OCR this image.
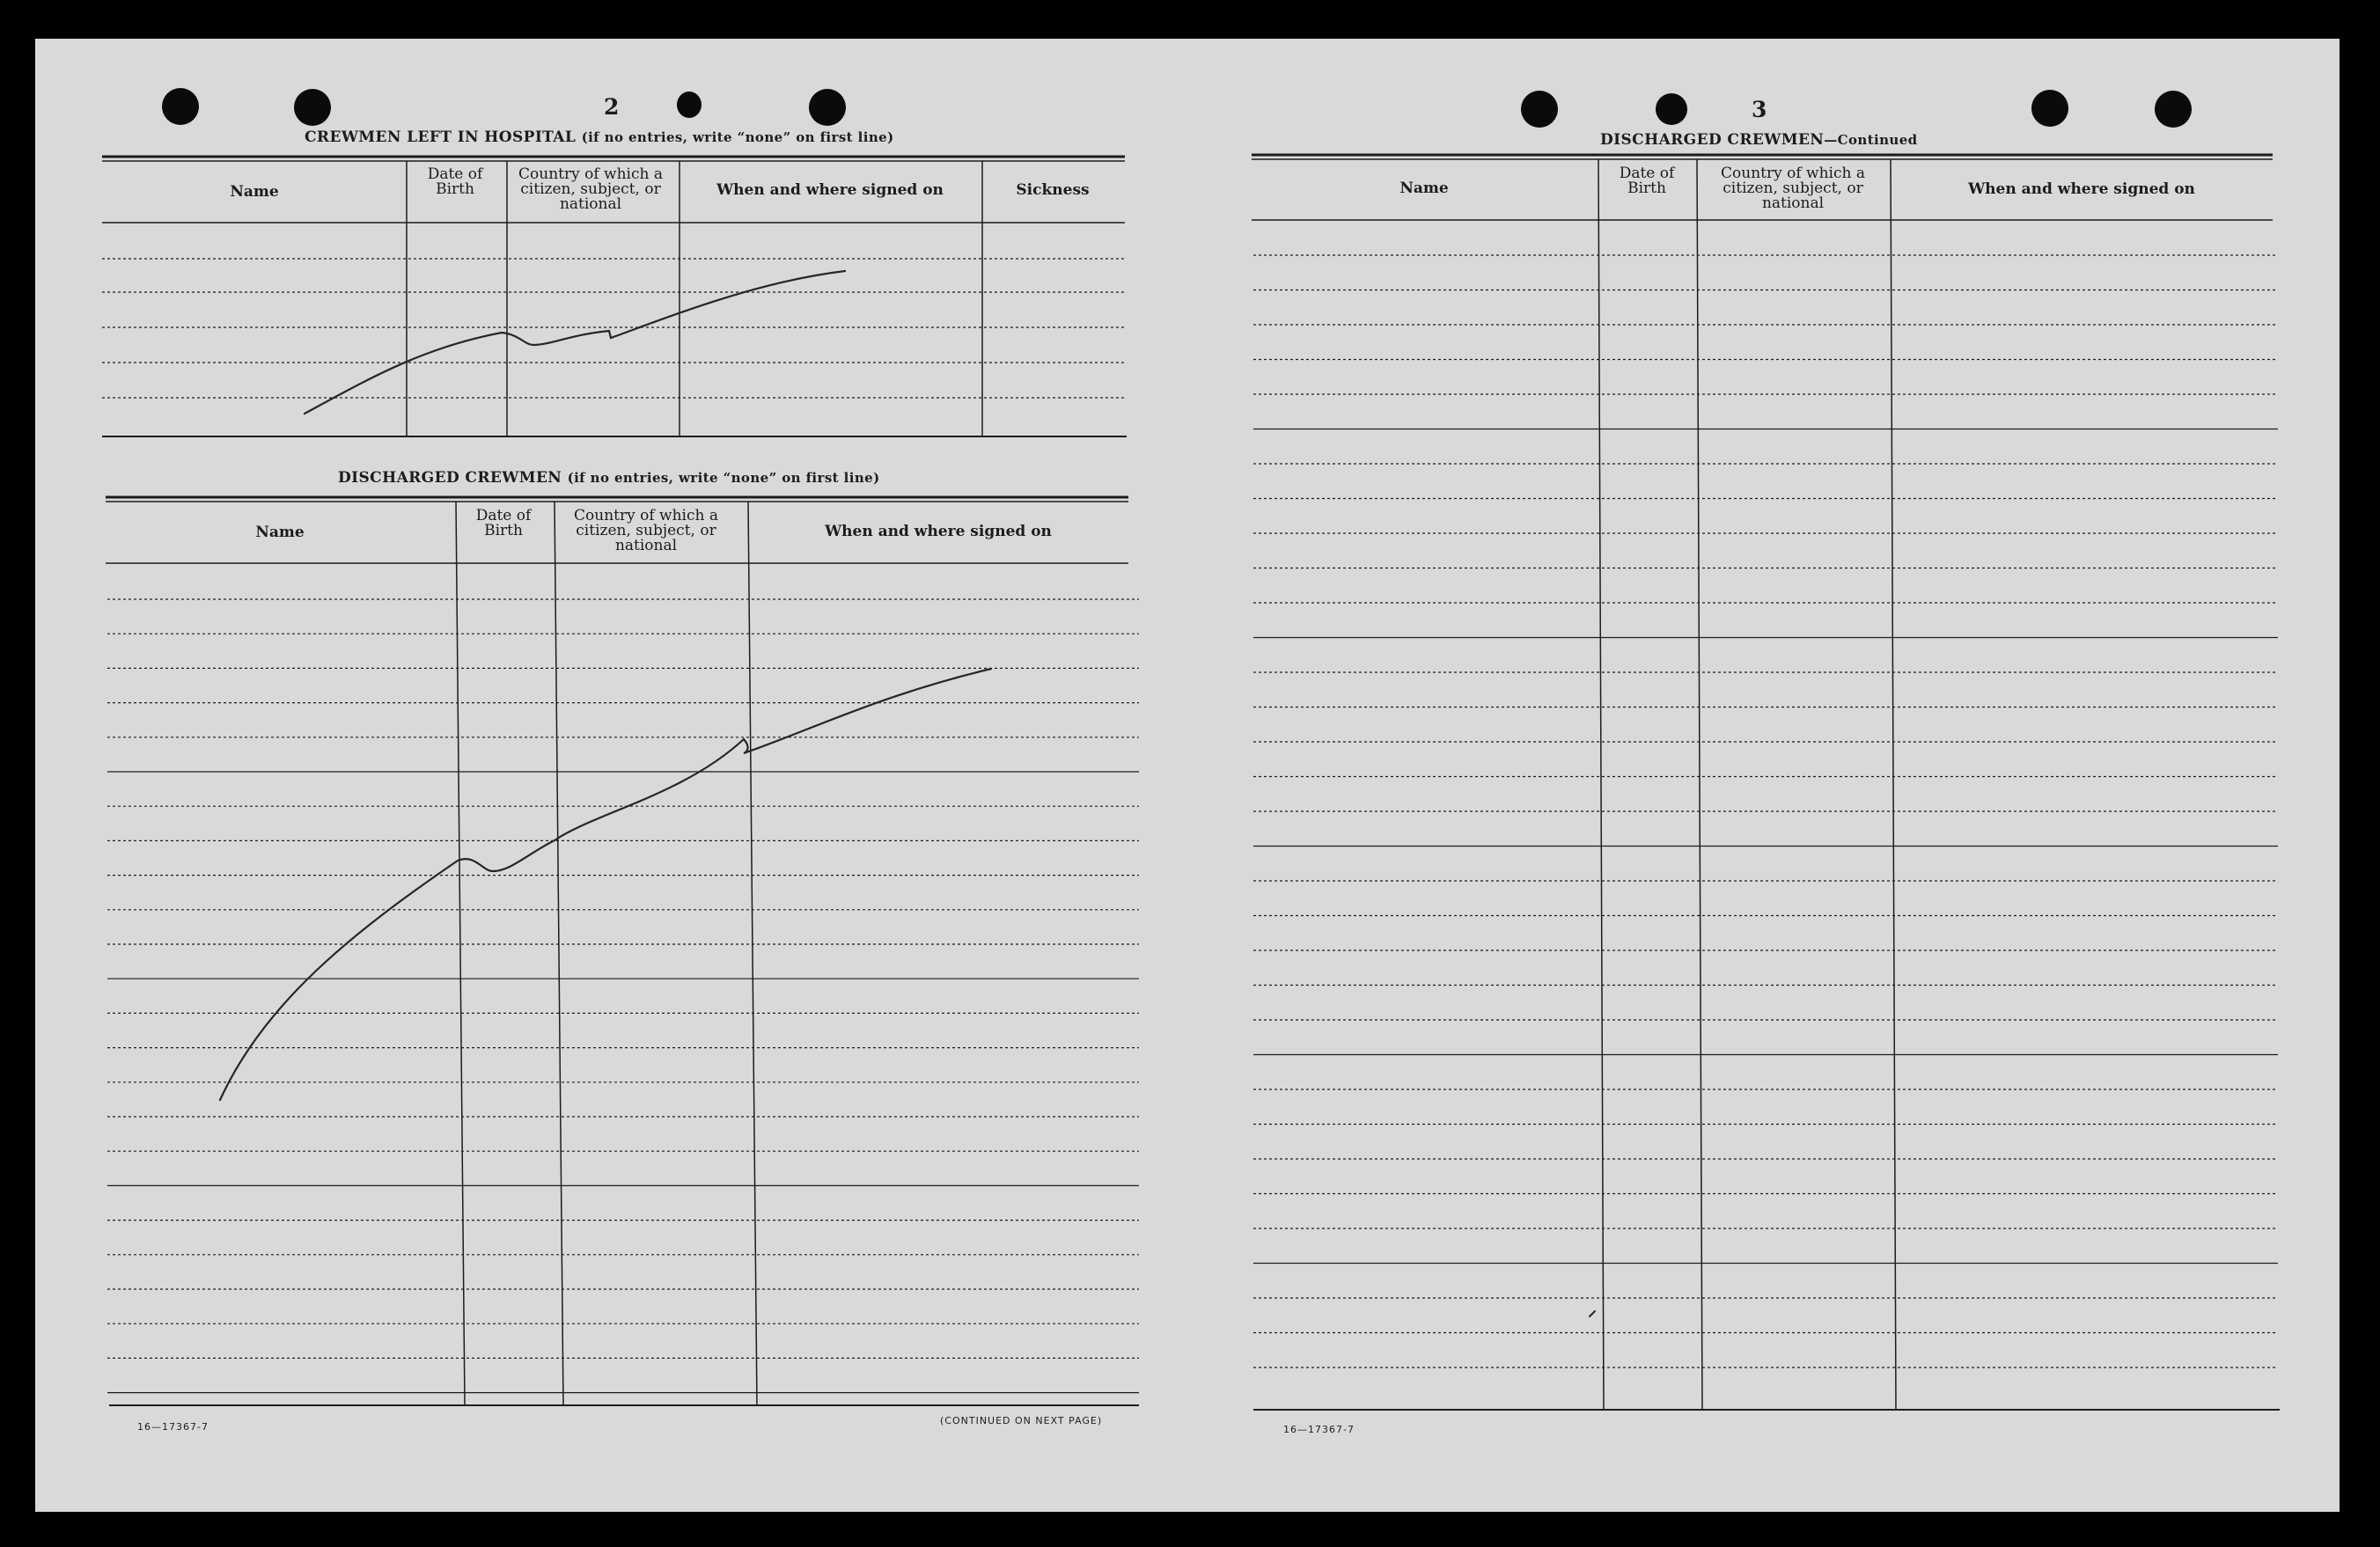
2
CREWMEN LEFT IN HOSPITAL (if no entries, write “none” on first line)
Name
Date of Birth
Country of which a citizen, subject, or national
When and where signed on	Sickness
DISCHARGED CREWMEN (if no entries, write “none” on first line)
Name
Date of Birth
Country of which a citizen, subject, or national
When and where signed on
16—17367-7
(CONTINUED ON NEXT PAGE)
3
DISCHARGED CREWMEN—Continued
Name
Date of Birth
Country of which a citizen, subject, or national
When and where signed on
16—17367-7
